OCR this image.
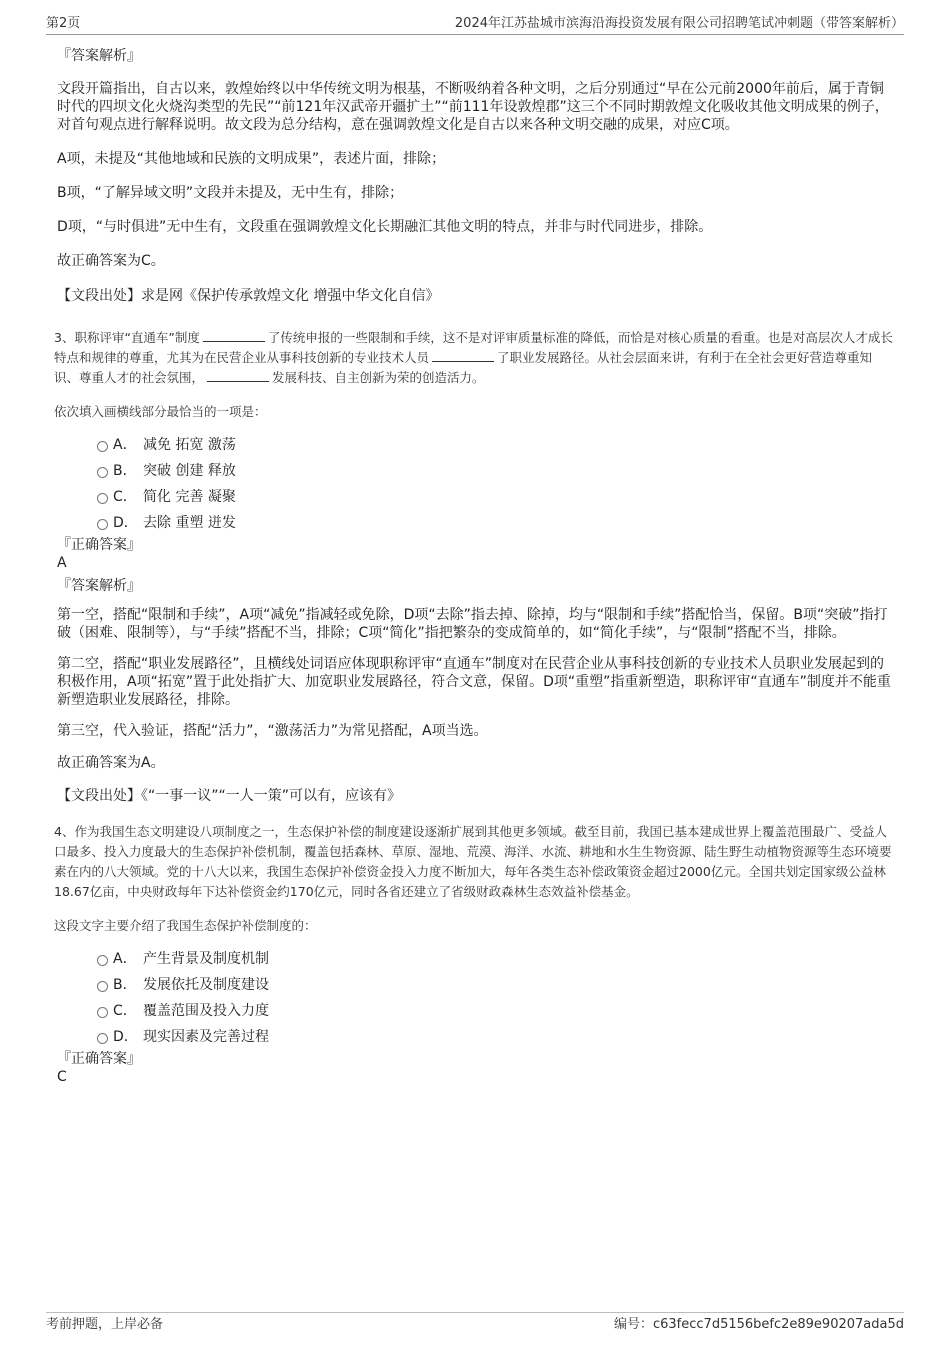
第2页	2024年江苏盐城市滨海沿海投资发展有限公司招聘笔试冲刺题（带答案解析）

『答案解析』

文段开篇指出，自古以来，敦煌始终以中华传统文明为根基，不断吸纳着各种文明，之后分别通过“早在公元前2000年前后，属于青铜时代的四坝文化火烧沟类型的先民”“前121年汉武帝开疆扩土”“前111年设敦煌郡”这三个不同时期敦煌文化吸收其他文明成果的例子，对首句观点进行解释说明。故文段为总分结构，意在强调敦煌文化是自古以来各种文明交融的成果，对应C项。

A项，未提及“其他地域和民族的文明成果”，表述片面，排除；

B项，“了解异域文明”文段并未提及，无中生有，排除；

D项，“与时俱进”无中生有，文段重在强调敦煌文化长期融汇其他文明的特点，并非与时代同进步，排除。

故正确答案为C。

【文段出处】求是网《保护传承敦煌文化 增强中华文化自信》

3、职称评审“直通车”制度	了传统申报的一些限制和手续，这不是对评审质量标准的降低，而恰是对核心质量的看重。也是对高层次人才成长特点和规律的尊重，尤其为在民营企业从事科技创新的专业技术人员	了职业发展路径。从社会层面来讲，有利于在全社会更好营造尊重知识、尊重人才的社会氛围，	发展科技、自主创新为荣的创造活力。

依次填入画横线部分最恰当的一项是：

A． 减免 拓宽 激荡
B． 突破 创建 释放
C． 简化 完善 凝聚
D． 去除 重塑 迸发

『正确答案』

A

『答案解析』

第一空，搭配“限制和手续”，A项“减免”指减轻或免除，D项“去除”指去掉、除掉，均与“限制和手续”搭配恰当，保留。B项“突破”指打破（困难、限制等），与“手续”搭配不当，排除；C项“简化”指把繁杂的变成简单的，如“简化手续”，与“限制”搭配不当，排除。

第二空，搭配“职业发展路径”，且横线处词语应体现职称评审“直通车”制度对在民营企业从事科技创新的专业技术人员职业发展起到的积极作用，A项“拓宽”置于此处指扩大、加宽职业发展路径，符合文意，保留。D项“重塑”指重新塑造，职称评审“直通车”制度并不能重新塑造职业发展路径，排除。

第三空，代入验证，搭配“活力”，“激荡活力”为常见搭配，A项当选。

故正确答案为A。

【文段出处】《“一事一议”“一人一策”可以有，应该有》

4、作为我国生态文明建设八项制度之一，生态保护补偿的制度建设逐渐扩展到其他更多领域。截至目前，我国已基本建成世界上覆盖范围最广、受益人口最多、投入力度最大的生态保护补偿机制，覆盖包括森林、草原、湿地、荒漠、海洋、水流、耕地和水生生物资源、陆生野生动植物资源等生态环境要素在内的八大领域。党的十八大以来，我国生态保护补偿资金投入力度不断加大，每年各类生态补偿政策资金超过2000亿元。全国共划定国家级公益林18.67亿亩，中央财政每年下达补偿资金约170亿元，同时各省还建立了省级财政森林生态效益补偿基金。

这段文字主要介绍了我国生态保护补偿制度的：

A． 产生背景及制度机制
B． 发展依托及制度建设
C． 覆盖范围及投入力度
D． 现实因素及完善过程

『正确答案』

C

考前押题，上岸必备	编号：c63fecc7d5156befc2e89e90207ada5d
